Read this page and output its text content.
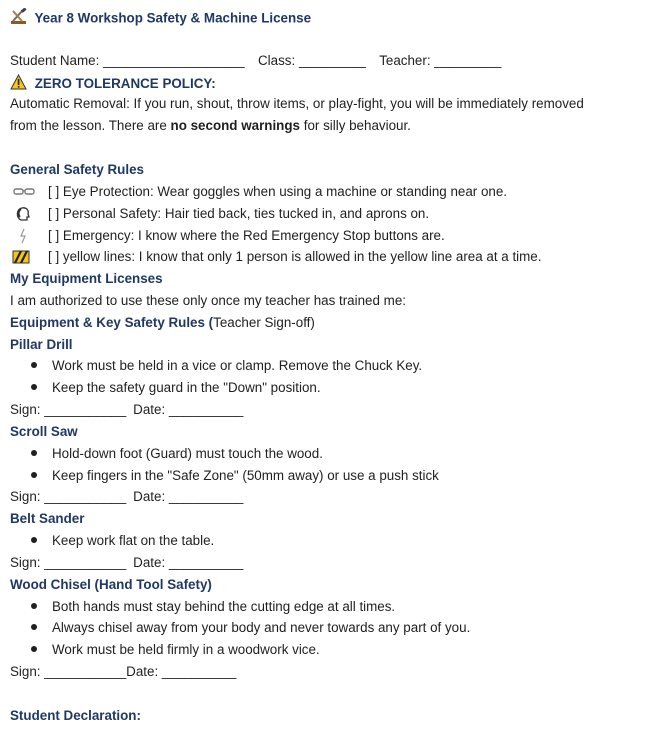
Year 8 Workshop Safety & Machine License
Student Name: ___________________ Class: _________ Teacher: _________
ZERO TOLERANCE POLICY:
Automatic Removal: If you run, shout, throw items, or play-fight, you will be immediately removed
from the lesson. There are no second warnings for silly behaviour.
General Safety Rules
[ ] Eye Protection: Wear goggles when using a machine or standing near one.
[ ] Personal Safety: Hair tied back, ties tucked in, and aprons on.
[ ] Emergency: I know where the Red Emergency Stop buttons are.
[ ] yellow lines: I know that only 1 person is allowed in the yellow line area at a time.
My Equipment Licenses
I am authorized to use these only once my teacher has trained me:
Equipment & Key Safety Rules (Teacher Sign-off)
Pillar Drill
Work must be held in a vice or clamp. Remove the Chuck Key.
Keep the safety guard in the "Down" position.
Sign: ___________ Date: __________
Scroll Saw
Hold-down foot (Guard) must touch the wood.
Keep fingers in the "Safe Zone" (50mm away) or use a push stick
Sign: ___________ Date: __________
Belt Sander
Keep work flat on the table.
Sign: ___________ Date: __________
Wood Chisel (Hand Tool Safety)
Both hands must stay behind the cutting edge at all times.
Always chisel away from your body and never towards any part of you.
Work must be held firmly in a woodwork vice.
Sign: ___________Date: __________
Student Declaration:
